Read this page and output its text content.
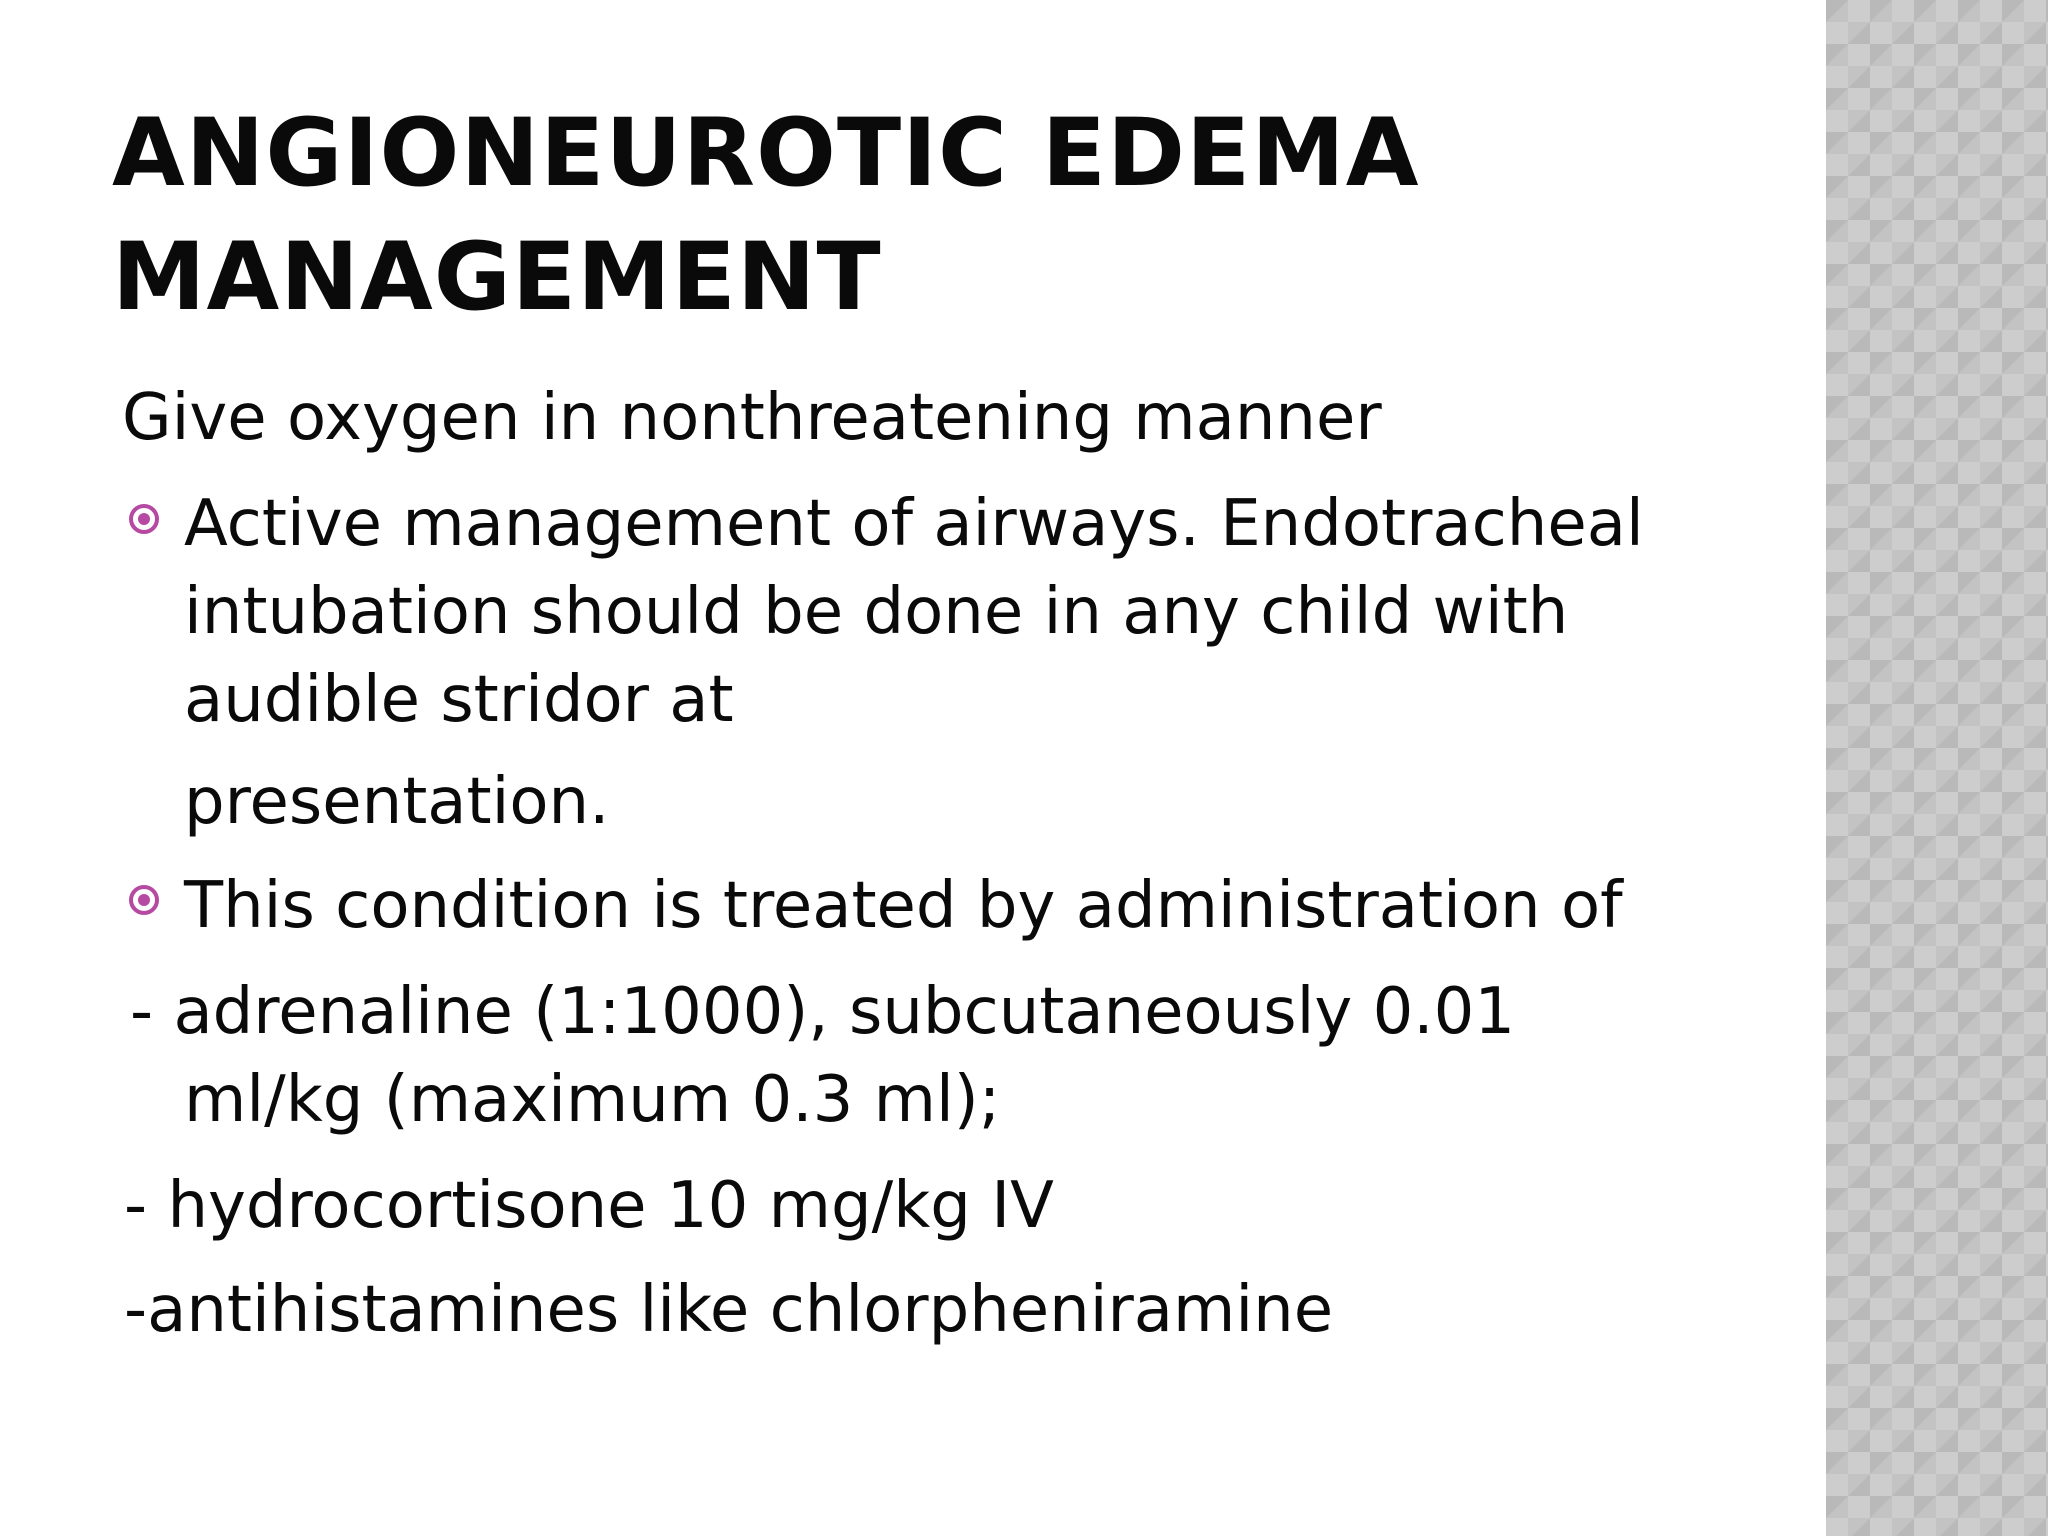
ANGIONEUROTIC EDEMA
MANAGEMENT

Give oxygen in nonthreatening manner

Active management of airways. Endotracheal

intubation should be done in any child with

audible stridor at

presentation.

This condition is treated by administration of

- adrenaline (1:1000), subcutaneously 0.01

ml/kg (maximum 0.3 ml);

- hydrocortisone 10 mg/kg IV

-antihistamines like chlorpheniramine
